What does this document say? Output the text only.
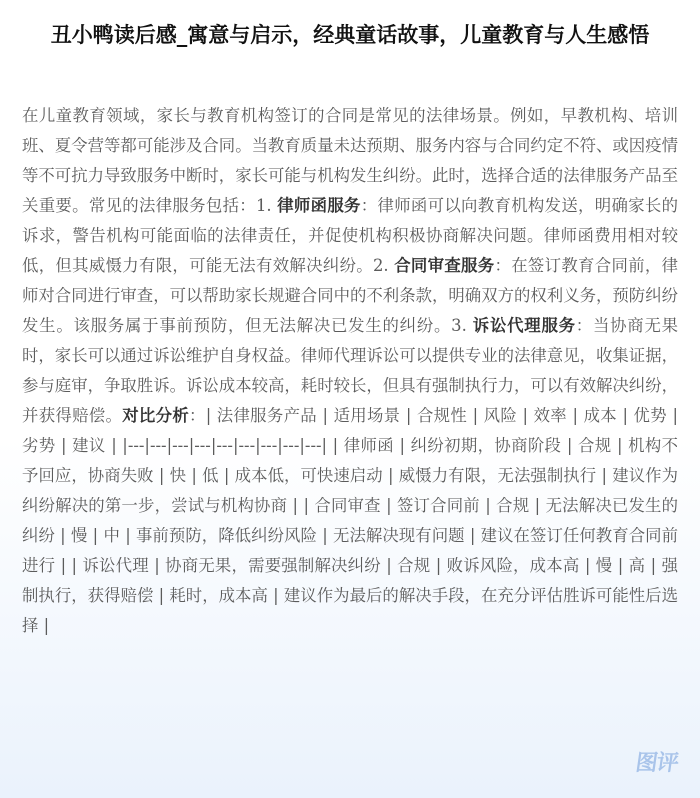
丑小鸭读后感_寓意与启示，经典童话故事，儿童教育与人生感悟
在儿童教育领域，家长与教育机构签订的合同是常见的法律场景。例如，早教机构、培训班、夏令营等都可能涉及合同。当教育质量未达预期、服务内容与合同约定不符、或因疫情等不可抗力导致服务中断时，家长可能与机构发生纠纷。此时，选择合适的法律服务产品至关重要。常见的法律服务包括：1. 律师函服务：律师函可以向教育机构发送，明确家长的诉求，警告机构可能面临的法律责任，并促使机构积极协商解决问题。律师函费用相对较低，但其威慑力有限，可能无法有效解决纠纷。2. 合同审查服务：在签订教育合同前，律师对合同进行审查，可以帮助家长规避合同中的不利条款，明确双方的权利义务，预防纠纷发生。该服务属于事前预防，但无法解决已发生的纠纷。3. 诉讼代理服务：当协商无果时，家长可以通过诉讼维护自身权益。律师代理诉讼可以提供专业的法律意见，收集证据，参与庭审，争取胜诉。诉讼成本较高，耗时较长，但具有强制执行力，可以有效解决纠纷，并获得赔偿。对比分析：| 法律服务产品 | 适用场景 | 合规性 | 风险 | 效率 | 成本 | 优势 | 劣势 | 建议 | |---|---|---|---|---|---|---|---|---| | 律师函 | 纠纷初期，协商阶段 | 合规 | 机构不予回应，协商失败 | 快 | 低 | 成本低，可快速启动 | 威慑力有限，无法强制执行 | 建议作为纠纷解决的第一步，尝试与机构协商 | | 合同审查 | 签订合同前 | 合规 | 无法解决已发生的纠纷 | 慢 | 中 | 事前预防，降低纠纷风险 | 无法解决现有问题 | 建议在签订任何教育合同前进行 | | 诉讼代理 | 协商无果，需要强制解决纠纷 | 合规 | 败诉风险，成本高 | 慢 | 高 | 强制执行，获得赔偿 | 耗时，成本高 | 建议作为最后的解决手段，在充分评估胜诉可能性后选择 |
图评
